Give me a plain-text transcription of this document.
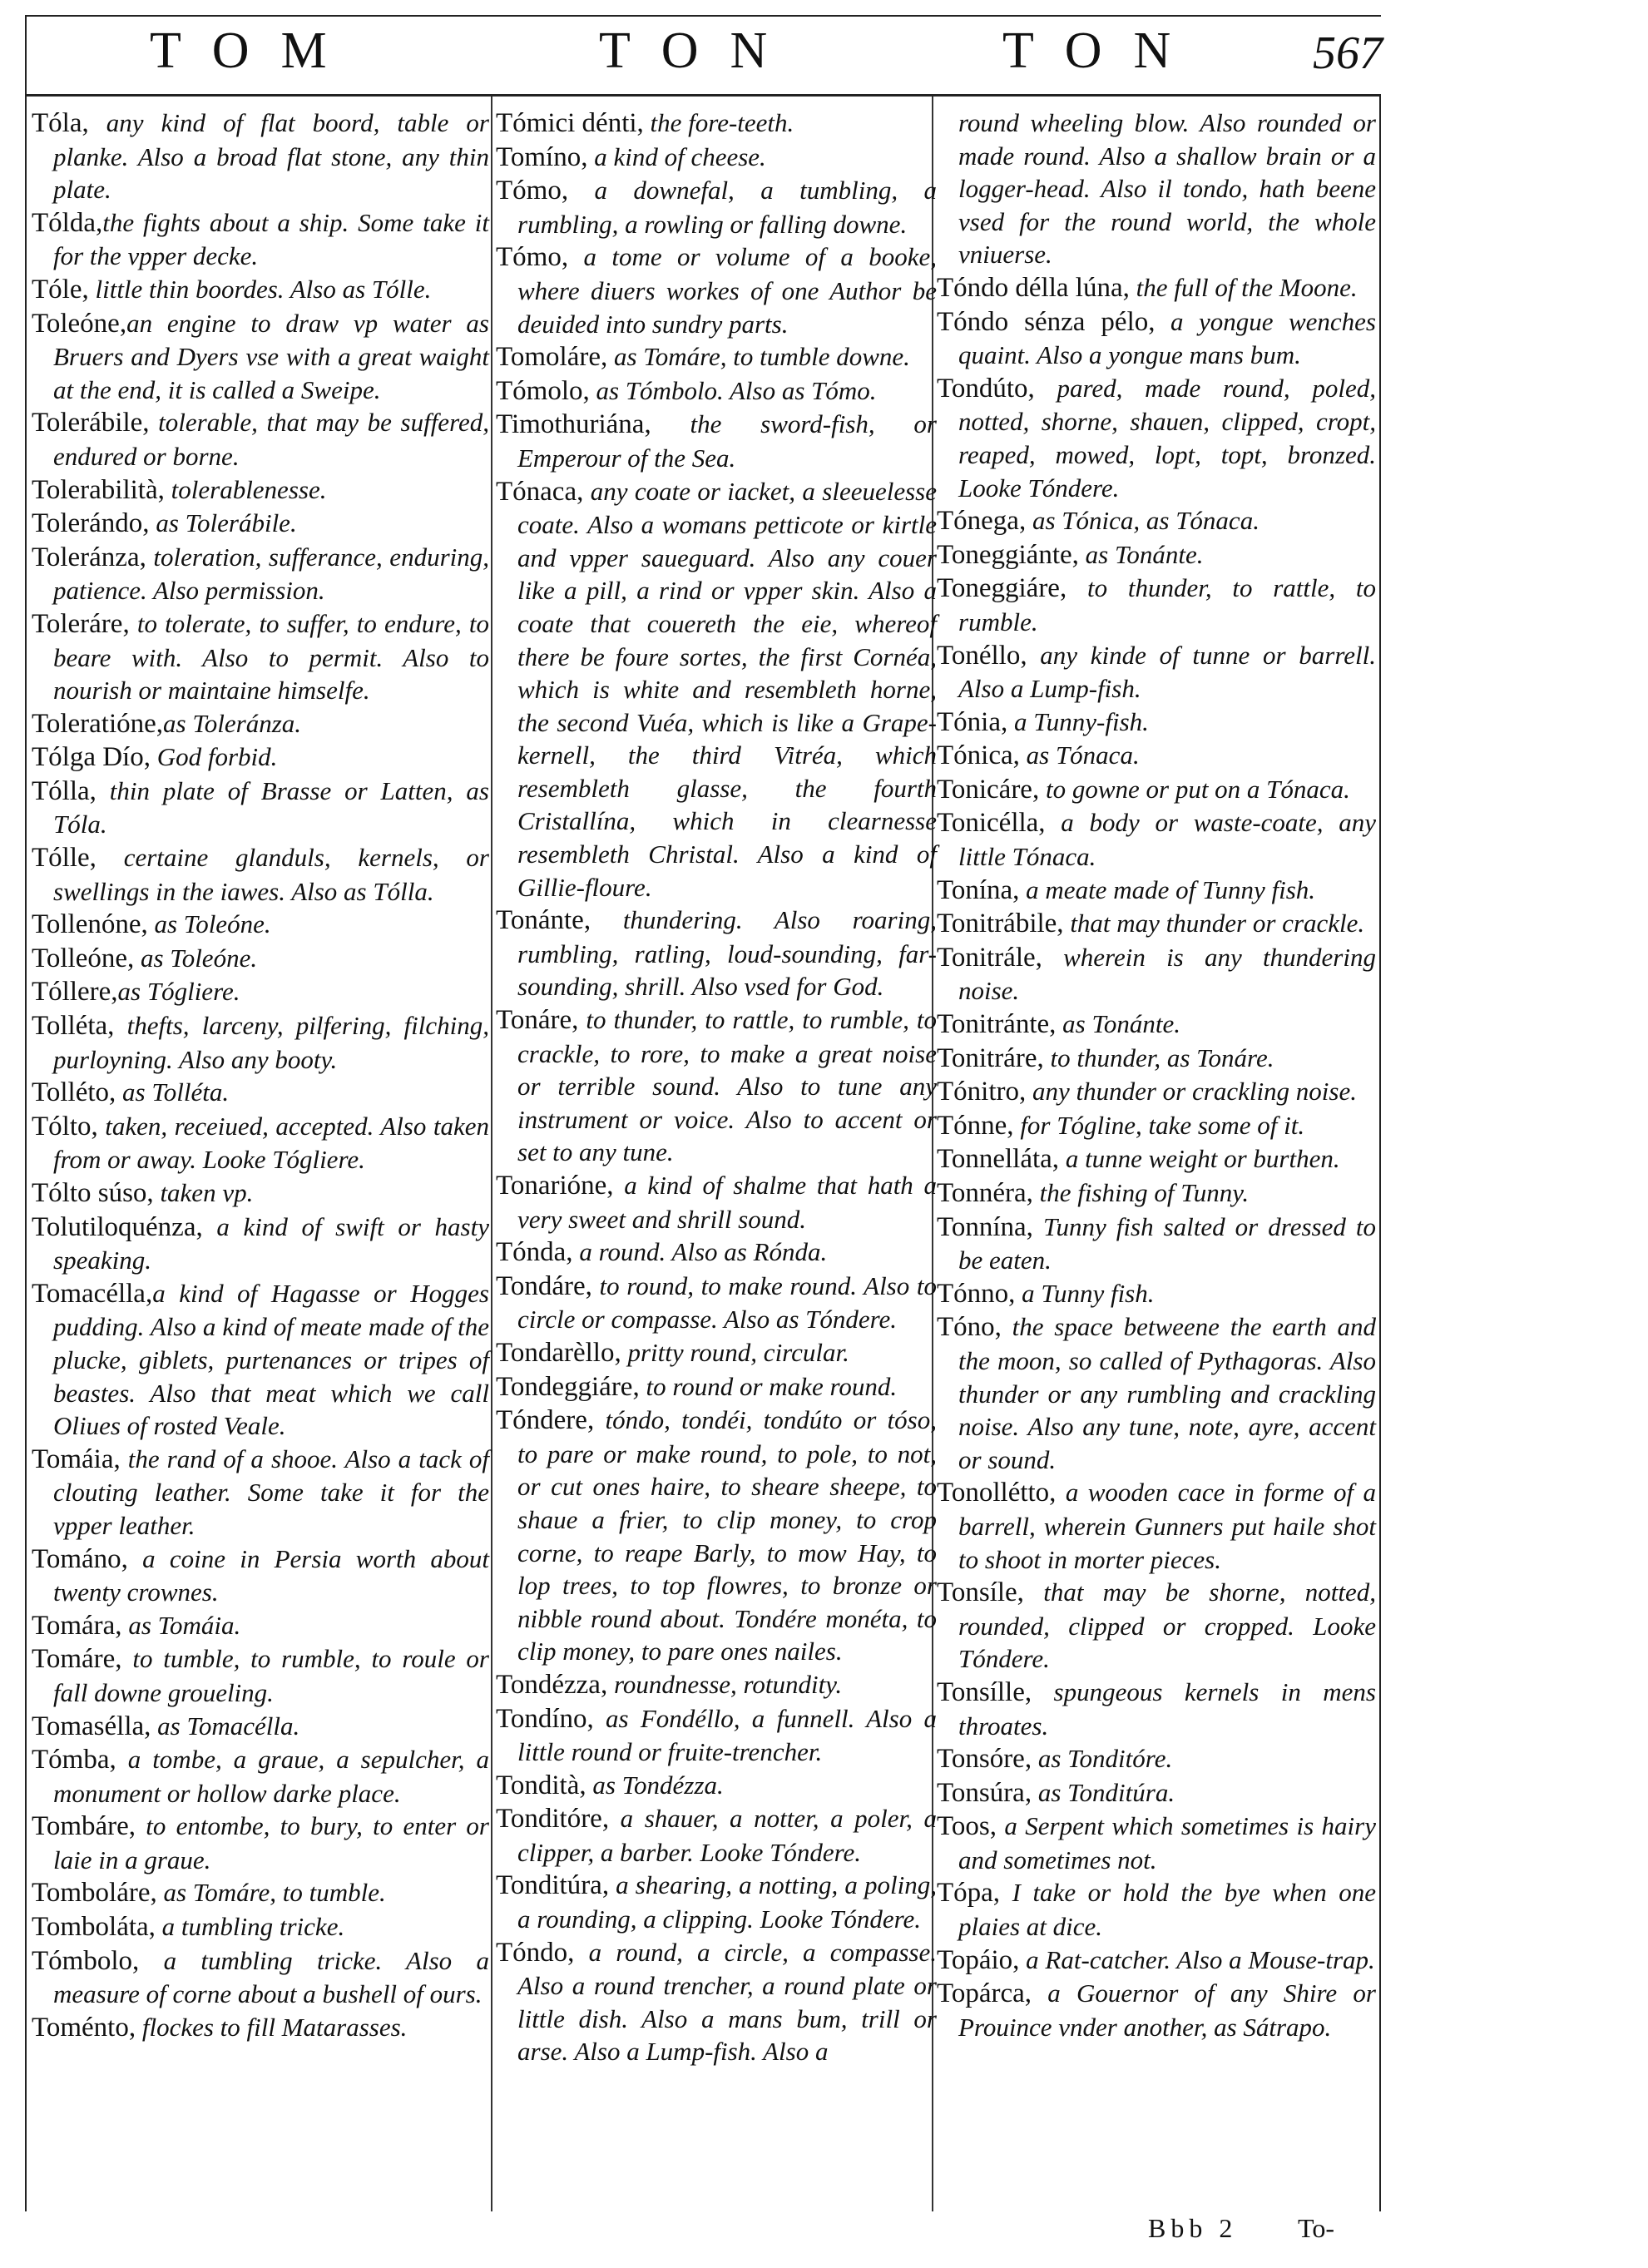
TOM	TON	TON 567
Tóla, any kind of flat boord, table or planke. Also a broad flat stone, any thin plate.
Tólda,the fights about a ship. Some take it for the vpper decke.
Tóle, little thin boordes. Also as Tólle.
Toleóne,an engine to draw vp water as Bruers and Dyers vse with a great waight at the end, it is called a Sweipe.
Tolerábile, tolerable, that may be suffered, endured or borne.
Tolerabilità, tolerablenesse.
Tolerándo, as Tolerábile.
Toleránza, toleration, sufferance, enduring, patience. Also permission.
Toleráre, to tolerate, to suffer, to endure, to beare with. Also to permit. Also to nourish or maintaine himselfe.
Toleratióne,as Toleránza.
Tólga Dío, God forbid.
Tólla, thin plate of Brasse or Latten, as Tóla.
Tólle, certaine glanduls, kernels, or swellings in the iawes. Also as Tólla.
Tollenóne, as Toleóne.
Tolleóne, as Toleóne.
Tóllere,as Tógliere.
Tolléta, thefts, larceny, pilfering, filching, purloyning. Also any booty.
Tolléto, as Tolléta.
Tólto, taken, receiued, accepted. Also taken from or away. Looke Tógliere.
Tólto súso, taken vp.
Tolutiloquénza, a kind of swift or hasty speaking.
Tomacélla,a kind of Hagasse or Hogges pudding. Also a kind of meate made of the plucke, giblets, purtenances or tripes of beastes. Also that meat which we call Oliues of rosted Veale.
Tomáia, the rand of a shooe. Also a tack of clouting leather. Some take it for the vpper leather.
Tománo, a coine in Persia worth about twenty crownes.
Tomára, as Tomáia.
Tomáre, to tumble, to rumble, to roule or fall downe groueling.
Tomasélla, as Tomacélla.
Tómba, a tombe, a graue, a sepulcher, a monument or hollow darke place.
Tombáre, to entombe, to bury, to enter or laie in a graue.
Tomboláre, as Tomáre, to tumble.
Tomboláta, a tumbling tricke.
Tómbolo, a tumbling tricke. Also a measure of corne about a bushell of ours.
Toménto, flockes to fill Matarasses.
Tómici dénti, the fore-teeth.
Tomíno, a kind of cheese.
Tómo, a downefal, a tumbling, a rumbling, a rowling or falling downe.
Tómo, a tome or volume of a booke, where diuers workes of one Author be deuided into sundry parts.
Tomoláre, as Tomáre, to tumble downe.
Tómolo, as Tómbolo. Also as Tómo.
Timothuriána, the sword-fish, or Emperour of the Sea.
Tónaca, any coate or iacket, a sleeuelesse coate. Also a womans petticote or kirtle and vpper saueguard. Also any couer like a pill, a rind or vpper skin. Also a coate that couereth the eie, whereof there be foure sortes, the first Cornéa, which is white and resembleth horne, the second Vuéa, which is like a Grape-kernell, the third Vitréa, which resembleth glasse, the fourth Cristallína, which in clearnesse resembleth Christal. Also a kind of Gillie-floure.
Tonánte, thundering. Also roaring, rumbling, ratling, loud-sounding, far-sounding, shrill. Also vsed for God.
Tonáre, to thunder, to rattle, to rumble, to crackle, to rore, to make a great noise or terrible sound. Also to tune any instrument or voice. Also to accent or set to any tune.
Tonarióne, a kind of shalme that hath a very sweet and shrill sound.
Tónda, a round. Also as Rónda.
Tondáre, to round, to make round. Also to circle or compasse. Also as Tóndere.
Tondarèllo, pritty round, circular.
Tondeggiáre, to round or make round.
Tóndere, tóndo, tondéi, tondúto or tóso, to pare or make round, to pole, to not, or cut ones haire, to sheare sheepe, to shaue a frier, to clip money, to crop corne, to reape Barly, to mow Hay, to lop trees, to top flowres, to bronze or nibble round about. Tondére monéta, to clip money, to pare ones nailes.
Tondézza, roundnesse, rotundity.
Tondíno, as Fondéllo, a funnell. Also a little round or fruite-trencher.
Tondità, as Tondézza.
Tonditóre, a shauer, a notter, a poler, a clipper, a barber. Looke Tóndere.
Tonditúra, a shearing, a notting, a poling, a rounding, a clipping. Looke Tóndere.
Tóndo, a round, a circle, a compasse. Also a round trencher, a round plate or little dish. Also a mans bum, trill or arse. Also a Lump-fish. Also a
round wheeling blow. Also rounded or made round. Also a shallow brain or a logger-head. Also il tondo, hath beene vsed for the round world, the whole vniuerse.
Tóndo délla lúna, the full of the Moone.
Tóndo sénza pélo, a yongue wenches quaint. Also a yongue mans bum.
Tondúto, pared, made round, poled, notted, shorne, shauen, clipped, cropt, reaped, mowed, lopt, topt, bronzed. Looke Tóndere.
Tónega, as Tónica, as Tónaca.
Toneggiánte, as Tonánte.
Toneggiáre, to thunder, to rattle, to rumble.
Tonéllo, any kinde of tunne or barrell. Also a Lump-fish.
Tónia, a Tunny-fish.
Tónica, as Tónaca.
Tonicáre, to gowne or put on a Tónaca.
Tonicélla, a body or waste-coate, any little Tónaca.
Tonína, a meate made of Tunny fish.
Tonitrábile, that may thunder or crackle.
Tonitrále, wherein is any thundering noise.
Tonitránte, as Tonánte.
Tonitráre, to thunder, as Tonáre.
Tónitro, any thunder or crackling noise.
Tónne, for Tógline, take some of it.
Tonnelláta, a tunne weight or burthen.
Tonnéra, the fishing of Tunny.
Tonnína, Tunny fish salted or dressed to be eaten.
Tónno, a Tunny fish.
Tóno, the space betweene the earth and the moon, so called of Pythagoras. Also thunder or any rumbling and crackling noise. Also any tune, note, ayre, accent or sound.
Tonollétto, a wooden cace in forme of a barrell, wherein Gunners put haile shot to shoot in morter pieces.
Tonsíle, that may be shorne, notted, rounded, clipped or cropped. Looke Tóndere.
Tonsílle, spungeous kernels in mens throates.
Tonsóre, as Tonditóre.
Tonsúra, as Tonditúra.
Toos, a Serpent which sometimes is hairy and sometimes not.
Tópa, I take or hold the bye when one plaies at dice.
Topáio, a Rat-catcher. Also a Mouse-trap.
Topárca, a Gouernor of any Shire or Prouince vnder another, as Sátrapo.
Bbb 2 To-
